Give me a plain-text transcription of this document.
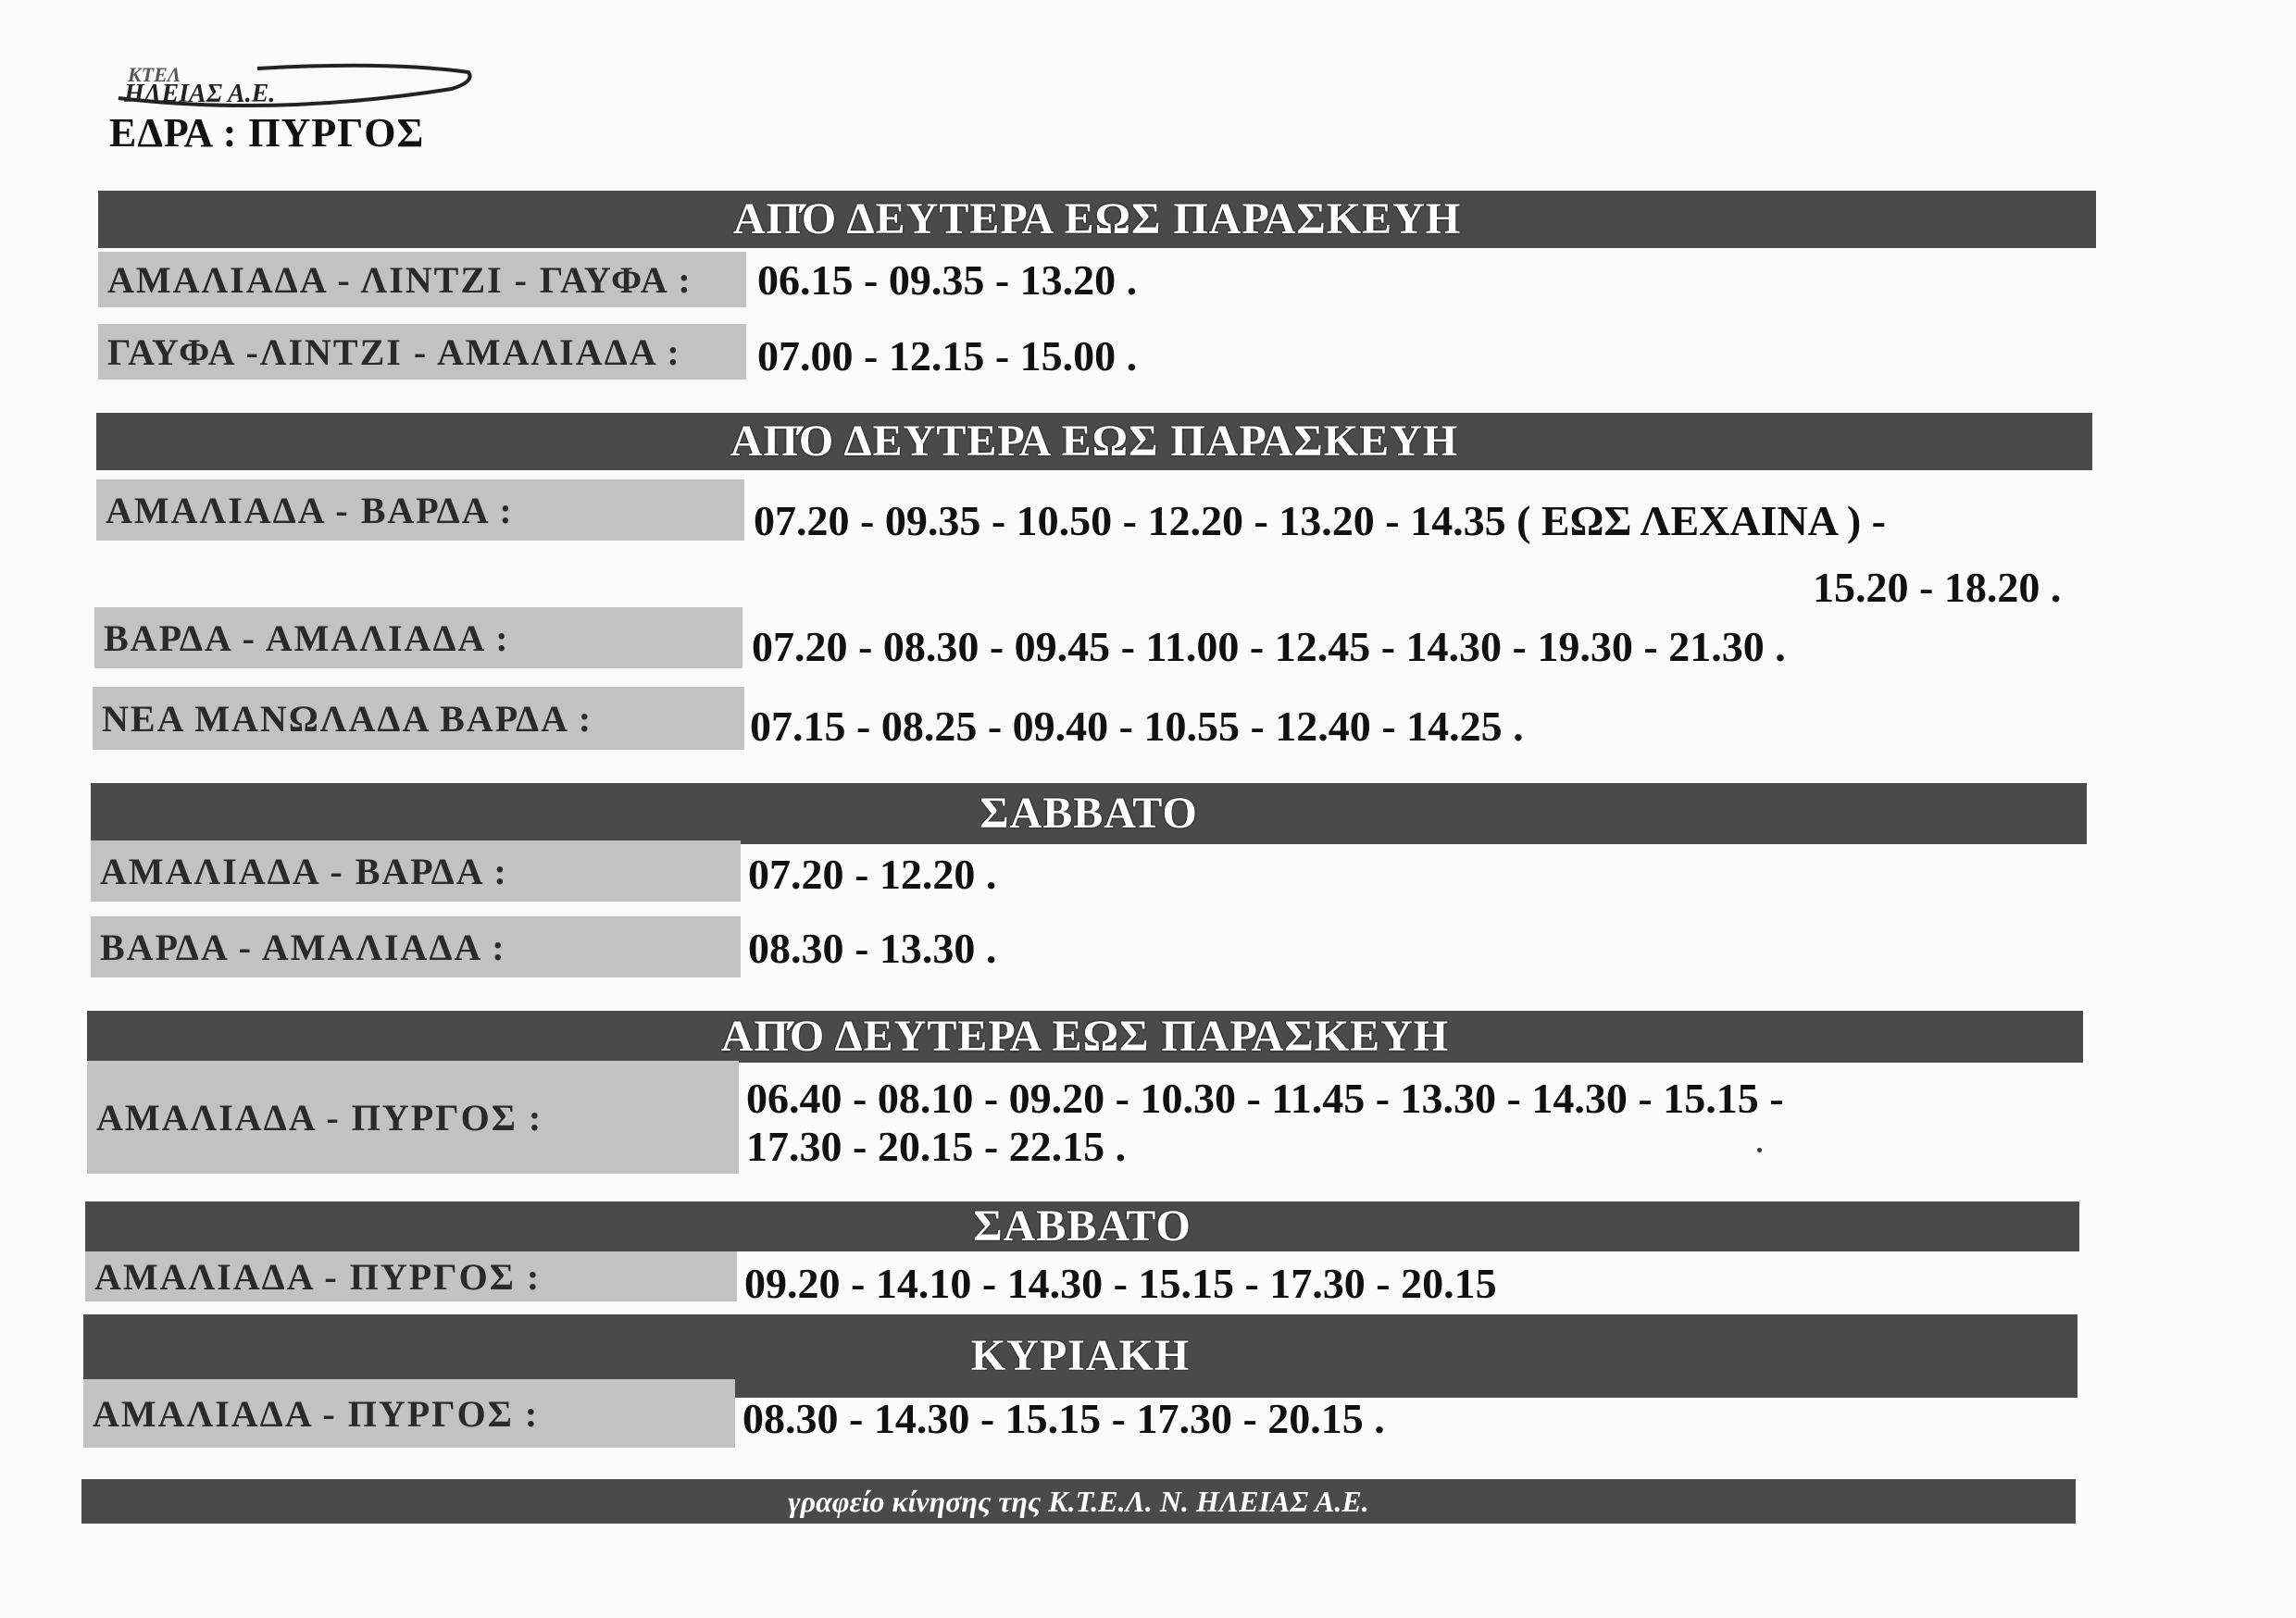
ΚΤΕΛ
ΗΛΕΙΑΣ Α.Ε.
ΕΔΡΑ : ΠΥΡΓΟΣ
ΑΠΌ ΔΕΥΤΕΡΑ ΕΩΣ ΠΑΡΑΣΚΕΥΗ
ΑΜΑΛΙΑΔΑ - ΛΙΝΤΖΙ - ΓΑΥΦΑ :	06.15 - 09.35 - 13.20 .
ΓΑΥΦΑ -ΛΙΝΤΖΙ - ΑΜΑΛΙΑΔΑ :	07.00 - 12.15 - 15.00 .
ΑΠΌ ΔΕΥΤΕΡΑ ΕΩΣ ΠΑΡΑΣΚΕΥΗ
ΑΜΑΛΙΑΔΑ - ΒΑΡΔΑ :	07.20 - 09.35 - 10.50 - 12.20 - 13.20 - 14.35 ( ΕΩΣ ΛΕΧΑΙΝΑ ) -
15.20 - 18.20 .
ΒΑΡΔΑ - ΑΜΑΛΙΑΔΑ :	07.20 - 08.30 - 09.45 - 11.00 - 12.45 - 14.30 - 19.30 - 21.30 .
ΝΕΑ ΜΑΝΩΛΑΔΑ ΒΑΡΔΑ :	07.15 - 08.25 - 09.40 - 10.55 - 12.40 - 14.25 .
ΣΑΒΒΑΤΟ
ΑΜΑΛΙΑΔΑ - ΒΑΡΔΑ :	07.20 - 12.20 .
ΒΑΡΔΑ - ΑΜΑΛΙΑΔΑ :	08.30 - 13.30 .
ΑΠΌ ΔΕΥΤΕΡΑ ΕΩΣ ΠΑΡΑΣΚΕΥΗ
ΑΜΑΛΙΑΔΑ - ΠΥΡΓΟΣ :	06.40 - 08.10 - 09.20 - 10.30 - 11.45 - 13.30 - 14.30 - 15.15 -
17.30 - 20.15 - 22.15 .
ΣΑΒΒΑΤΟ
ΑΜΑΛΙΑΔΑ - ΠΥΡΓΟΣ :	09.20 - 14.10 - 14.30 - 15.15 - 17.30 - 20.15
ΚΥΡΙΑΚΗ
ΑΜΑΛΙΑΔΑ - ΠΥΡΓΟΣ :	08.30 - 14.30 - 15.15 - 17.30 - 20.15 .
γραφείο κίνησης της Κ.Τ.Ε.Λ. Ν. ΗΛΕΙΑΣ Α.Ε.
